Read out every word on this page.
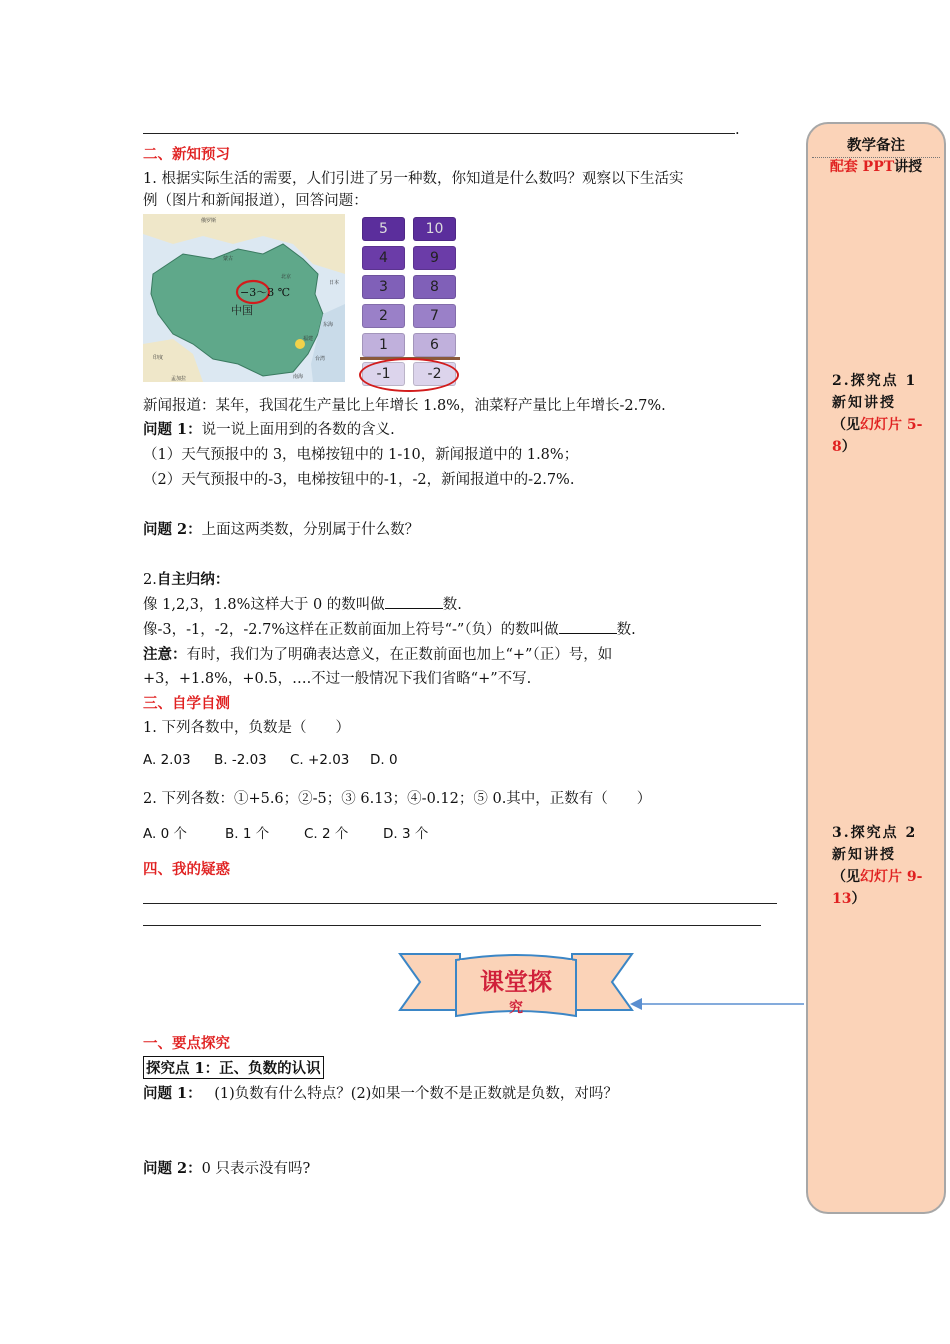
.
二、新知预习
1. 根据实际生活的需要，人们引进了另一种数，你知道是什么数吗？观察以下生活实
例（图片和新闻报道），回答问题：
−3～3 ℃
中国
俄罗斯
蒙古
北京
日本
东海
福建
台湾
南海
印度
孟加拉
5	10
4	9
3	8
2	7
1	6
-1	-2
新闻报道：某年，我国花生产量比上年增长 1.8%，油菜籽产量比上年增长-2.7%.
问题 1：说一说上面用到的各数的含义.
（1）天气预报中的 3，电梯按钮中的 1-10，新闻报道中的 1.8%；
（2）天气预报中的-3，电梯按钮中的-1，-2，新闻报道中的-2.7%.
问题 2：上面这两类数，分别属于什么数？
2.自主归纳：
像 1,2,3，1.8%这样大于 0 的数叫做	数.
像-3，-1，-2，-2.7%这样在正数前面加上符号“-”（负）的数叫做	数.
注意：有时，我们为了明确表达意义，在正数前面也加上“+”（正）号，如
+3，+1.8%，+0.5，….不过一般情况下我们省略“+”不写.
三、自学自测
1. 下列各数中，负数是（　　）
A. 2.03 B. -2.03 C. +2.03 D. 0
2. 下列各数：①+5.6；②-5；③ 6.13；④-0.12；⑤ 0.其中，正数有（　　）
A. 0 个	B. 1 个	C. 2 个	D. 3 个
四、我的疑惑
课堂探
究
一、要点探究
探究点 1：正、负数的认识
问题 1： (1)负数有什么特点？(2)如果一个数不是正数就是负数，对吗？
问题 2：0 只表示没有吗?
教学备注
配套 PPT讲授
2.探究点 1 新知讲授
（见幻灯片 5-8）
3.探究点 2 新知讲授
（见幻灯片 9-13）
